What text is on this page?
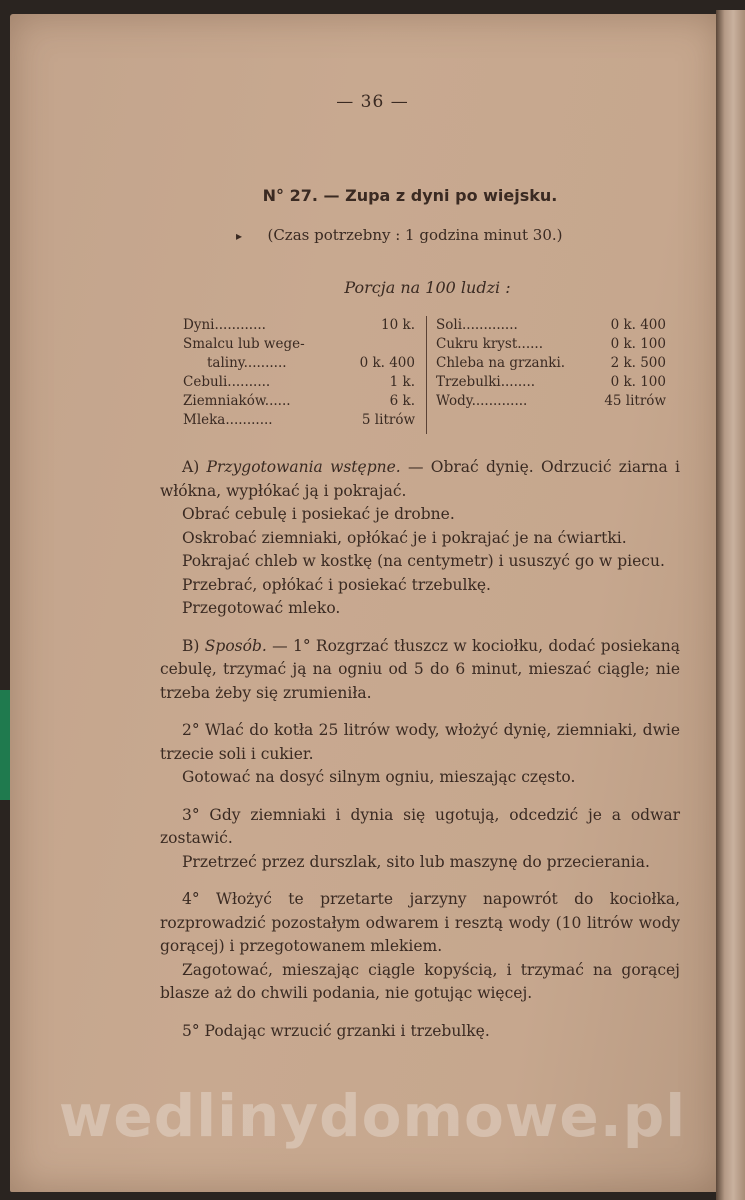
— 36 —
N° 27. — Zupa z dyni po wiejsku.
▸	(Czas potrzebny : 1 godzina minut 30.)
Porcja na 100 ludzi :
Dyni............	10 k.
Smalcu lub wege-
taliny..........	0 k. 400
Cebuli..........	1 k.
Ziemniaków......	6 k.
Mleka...........	5 litrów
Soli.............	0 k. 400
Cukru kryst......	0 k. 100
Chleba na grzanki.	2 k. 500
Trzebulki........	0 k. 100
Wody.............	45 litrów

A) Przygotowania wstępne. — Obrać dynię. Odrzucić ziarna i włókna, wypłókać ją i pokrajać.

Obrać cebulę i posiekać je drobne.

Oskrobać ziemniaki, opłókać je i pokrajać je na ćwiartki.

Pokrajać chleb w kostkę (na centymetr) i ususzyć go w piecu.

Przebrać, opłókać i posiekać trzebulkę.

Przegotować mleko.

B) Sposób. — 1° Rozgrzać tłuszcz w kociołku, dodać posiekaną cebulę, trzymać ją na ogniu od 5 do 6 minut, mieszać ciągle; nie trzeba żeby się zrumieniła.

2° Wlać do kotła 25 litrów wody, włożyć dynię, ziemniaki, dwie trzecie soli i cukier.

Gotować na dosyć silnym ogniu, mieszając często.

3° Gdy ziemniaki i dynia się ugotują, odcedzić je a odwar zostawić.

Przetrzeć przez durszlak, sito lub maszynę do przecierania.

4° Włożyć te przetarte jarzyny napowrót do kociołka, rozprowadzić pozostałym odwarem i resztą wody (10 litrów wody gorącej) i przegotowanem mlekiem.

Zagotować, mieszając ciągle kopyścią, i trzymać na gorącej blasze aż do chwili podania, nie gotując więcej.

5° Podając wrzucić grzanki i trzebulkę.

wedlinydomowe.pl
